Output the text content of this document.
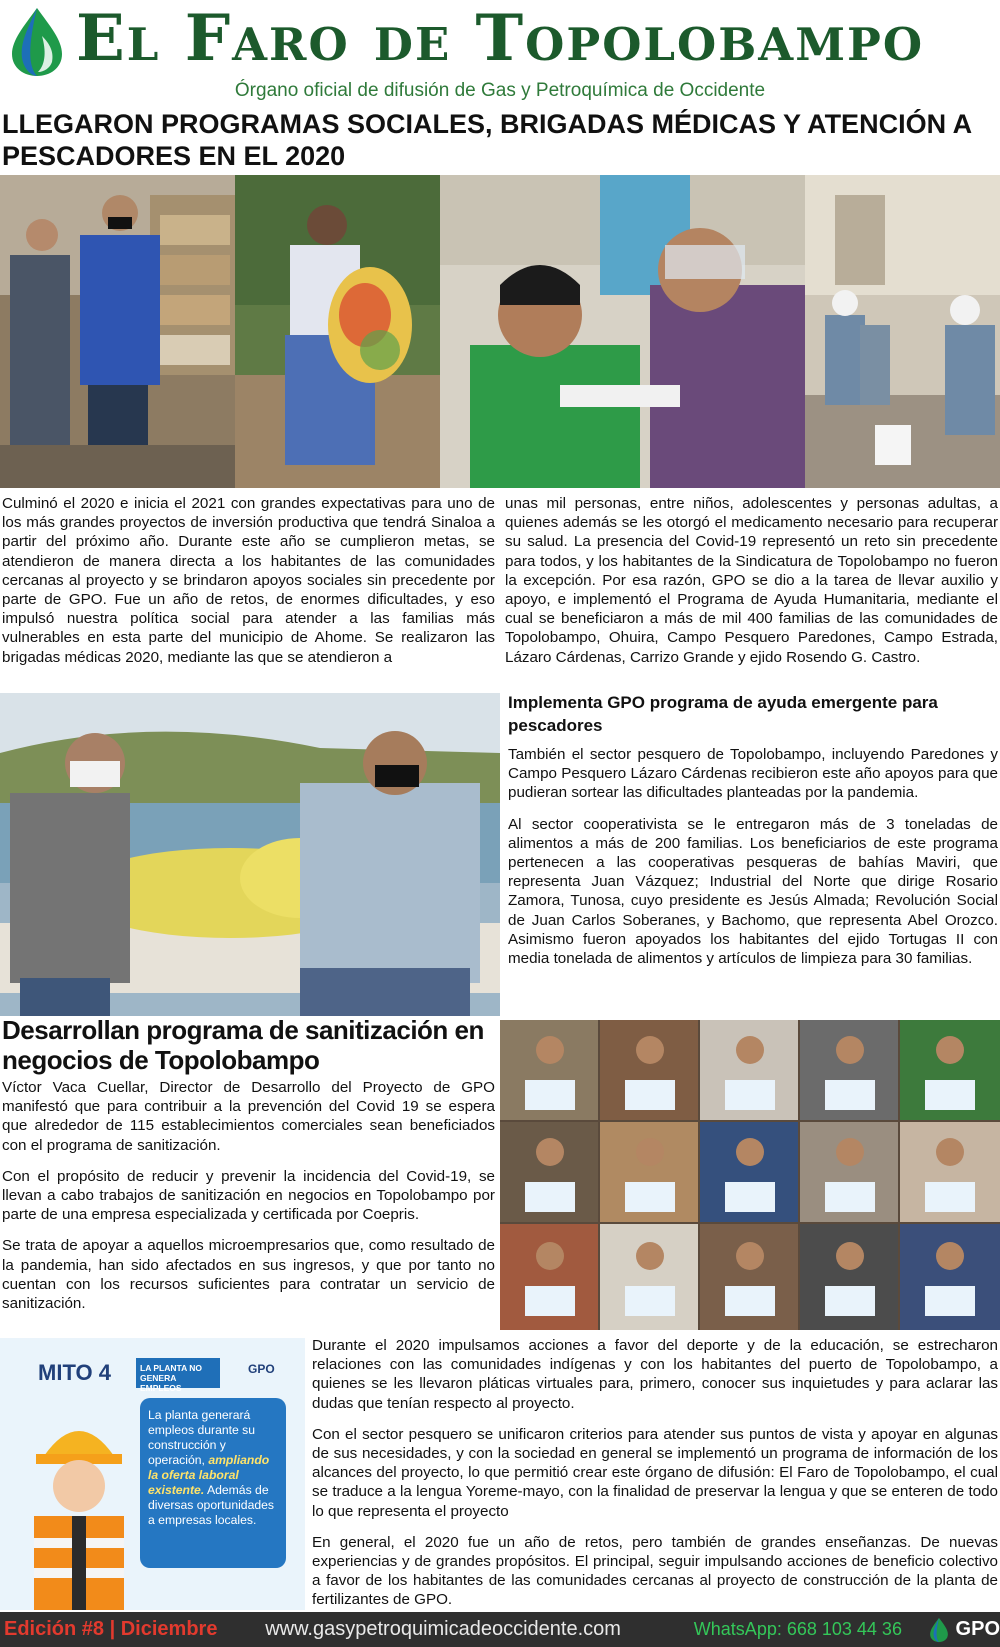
El Faro de Topolobampo
Órgano oficial de difusión de Gas y Petroquímica de Occidente
LLEGARON PROGRAMAS SOCIALES, BRIGADAS MÉDICAS Y ATENCIÓN A PESCADORES EN EL 2020
Culminó el 2020 e inicia el 2021 con grandes expectativas para uno de los más grandes proyectos de inversión productiva que tendrá Sinaloa a partir del próximo año. Durante este año se cumplieron metas, se atendieron de manera directa a los habitantes de las comunidades cercanas al proyecto y se brindaron apoyos sociales sin precedente por parte de GPO. Fue un año de retos, de enormes dificultades, y eso impulsó nuestra política social para atender a las familias más vulnerables en esta parte del municipio de Ahome. Se realizaron las brigadas médicas 2020, mediante las que se atendieron a
unas mil personas, entre niños, adolescentes y personas adultas, a quienes además se les otorgó el medicamento necesario para recuperar su salud. La presencia del Covid-19 representó un reto sin precedente para todos, y los habitantes de la Sindicatura de Topolobampo no fueron la excepción. Por esa razón, GPO se dio a la tarea de llevar auxilio y apoyo, e implementó el Programa de Ayuda Humanitaria, mediante el cual se beneficiaron a más de mil 400 familias de las comunidades de Topolobampo, Ohuira, Campo Pesquero Paredones, Campo Estrada, Lázaro Cárdenas, Carrizo Grande y ejido Rosendo G. Castro.
Implementa GPO programa de ayuda emergente para pescadores

También el sector pesquero de Topolobampo, incluyendo Paredones y Campo Pesquero Lázaro Cárdenas recibieron este año apoyos para que pudieran sortear las dificultades planteadas por la pandemia.

Al sector cooperativista se le entregaron más de 3 toneladas de alimentos a más de 200 familias. Los beneficiarios de este programa pertenecen a las cooperativas pesqueras de bahías Maviri, que representa Juan Vázquez; Industrial del Norte que dirige Rosario Zamora, Tunosa, cuyo presidente es Jesús Almada; Revolución Social de Juan Carlos Soberanes, y Bachomo, que representa Abel Orozco. Asimismo fueron apoyados los habitantes del ejido Tortugas II con media tonelada de alimentos y artículos de limpieza para 30 familias.

Desarrollan programa de sanitización en negocios de Topolobampo

Víctor Vaca Cuellar, Director de Desarrollo del Proyecto de GPO manifestó que para contribuir a la prevención del Covid 19 se espera que alrededor de 115 establecimientos comerciales sean beneficiados con el programa de sanitización.

Con el propósito de reducir y prevenir la incidencia del Covid-19, se llevan a cabo trabajos de sanitización en negocios en Topolobampo por parte de una empresa especializada y certificada por Coepris.

Se trata de apoyar a aquellos microempresarios que, como resultado de la pandemia, han sido afectados en sus ingresos, y que por tanto no cuentan con los recursos suficientes para contratar un servicio de sanitización.

MITO 4	LA PLANTA NO GENERA EMPLEOS
GPO
La planta generará empleos durante su construcción y operación, ampliando la oferta laboral existente. Además de diversas oportunidades a empresas locales.

Durante el 2020 impulsamos acciones a favor del deporte y de la educación, se estrecharon relaciones con las comunidades indígenas y con los habitantes del puerto de Topolobampo, a quienes se les llevaron pláticas virtuales para, primero, conocer sus inquietudes y para aclarar las dudas que tenían respecto al proyecto.

Con el sector pesquero se unificaron criterios para atender sus puntos de vista y apoyar en algunas de sus necesidades, y con la sociedad en general se implementó un programa de información de los alcances del proyecto, lo que permitió crear este órgano de difusión: El Faro de Topolobampo, el cual se traduce a la lengua Yoreme-mayo, con la finalidad de preservar la lengua y que se enteren de todo lo que representa el proyecto

En general, el 2020 fue un año de retos, pero también de grandes enseñanzas. De nuevas experiencias y de grandes propósitos. El principal, seguir impulsando acciones de beneficio colectivo a favor de los habitantes de las comunidades cercanas al proyecto de construcción de la planta de fertilizantes de GPO.

Edición #8 | Diciembre	www.gasypetroquimicadeoccidente.com	WhatsApp: 668 103 44 36	GPO
